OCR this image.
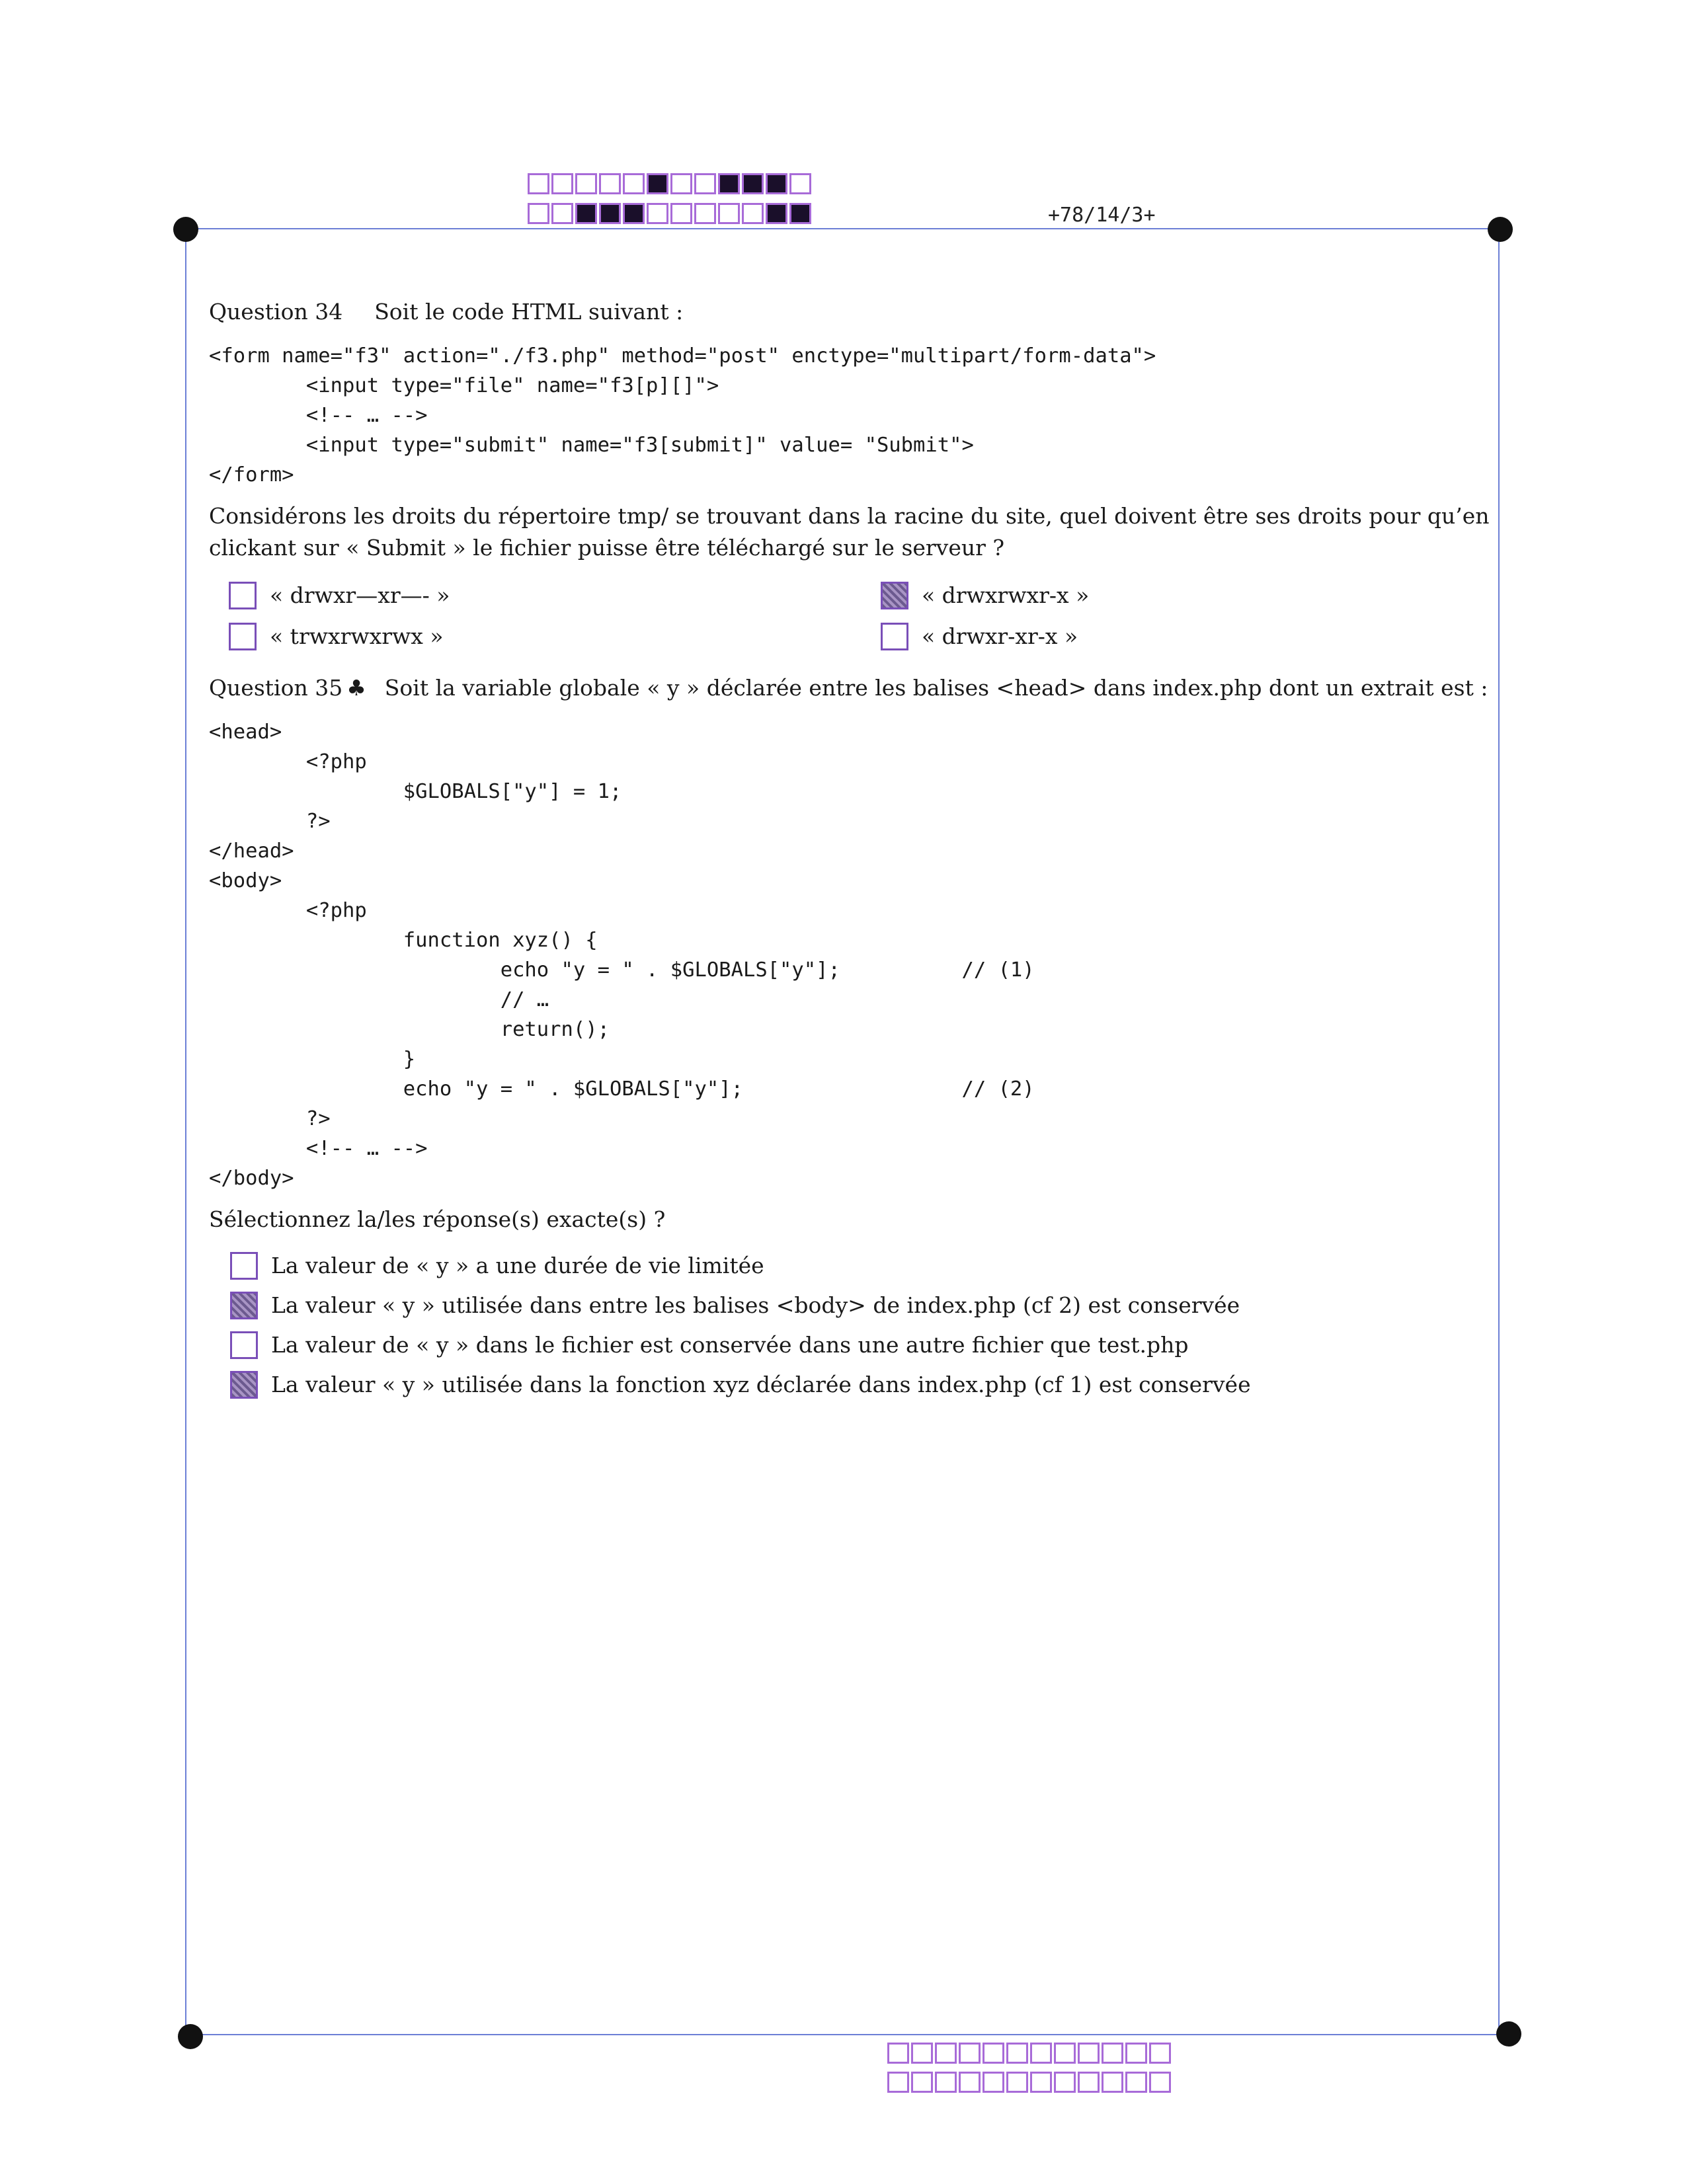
+78/14/3+

Question 34 Soit le code HTML suivant :

<form name="f3" action="./f3.php" method="post" enctype="multipart/form-data">
<input type="file" name="f3[p][]">
<!-- … -->
<input type="submit" name="f3[submit]" value= "Submit">
</form>

Considérons les droits du répertoire tmp/ se trouvant dans la racine du site, quel doivent être ses droits pour qu’en clickant sur « Submit » le fichier puisse être téléchargé sur le serveur ?

« drwxr—xr—- »	« drwxrwxr-x »
« trwxrwxrwx »	« drwxr-xr-x »

Question 35 ♣ Soit la variable globale « y » déclarée entre les balises <head> dans index.php dont un extrait est :

<head>
<?php
$GLOBALS["y"] = 1;
?>
</head>
<body>
<?php
function xyz() {
echo "y = " . $GLOBALS["y"];          // (1)
// …
return();
}
echo "y = " . $GLOBALS["y"];                  // (2)
?>
<!-- … -->
</body>

Sélectionnez la/les réponse(s) exacte(s) ?

La valeur de « y » a une durée de vie limitée
La valeur « y » utilisée dans entre les balises <body> de index.php (cf 2) est conservée
La valeur de « y » dans le fichier est conservée dans une autre fichier que test.php
La valeur « y » utilisée dans la fonction xyz déclarée dans index.php (cf 1) est conservée
